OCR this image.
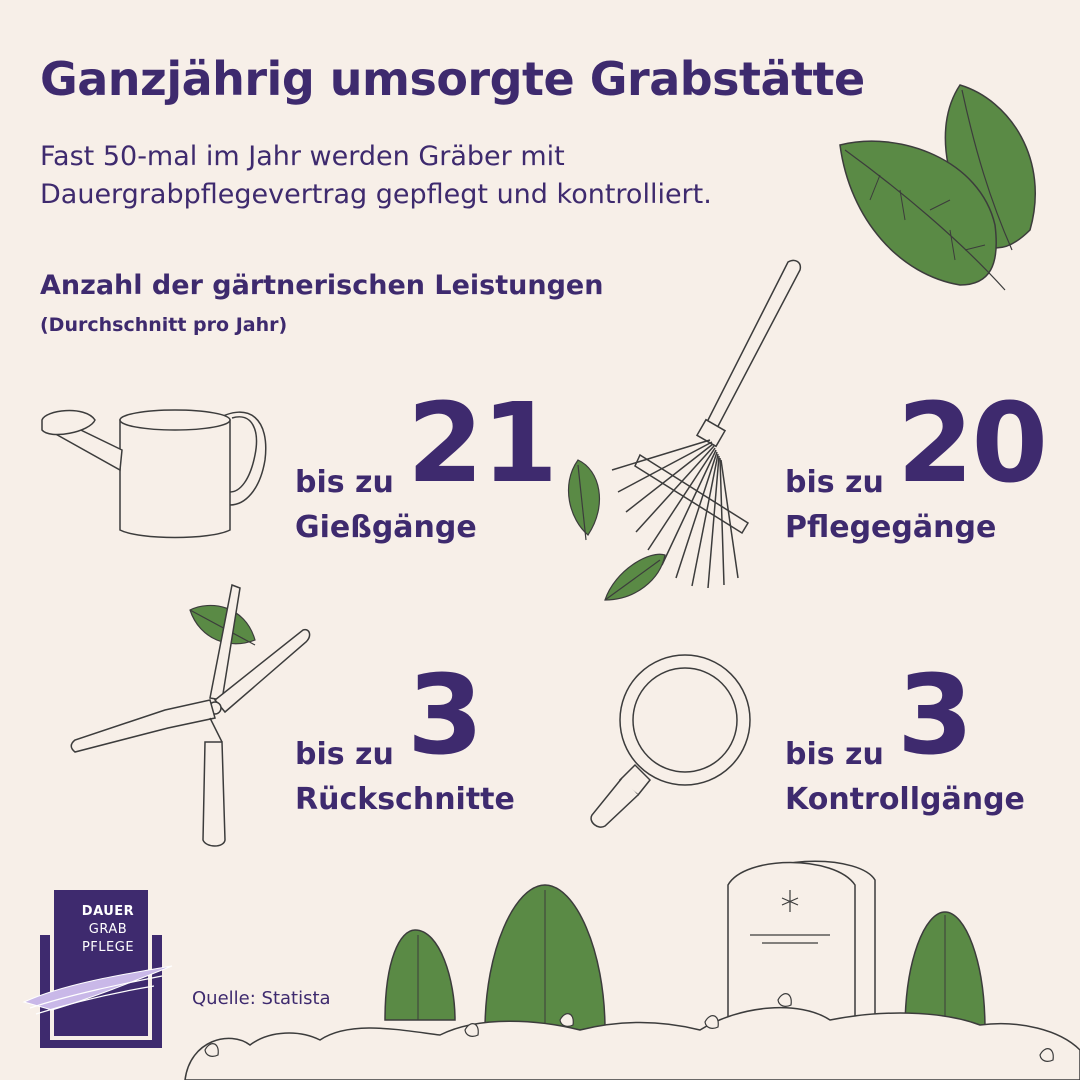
Ganzjährig umsorgte Grabstätte
Fast 50-mal im Jahr werden Gräber mit Dauergrabpflegevertrag gepflegt und kontrolliert.
Anzahl der gärtnerischen Leistungen
(Durchschnitt pro Jahr)
bis zu 21
Gießgänge
bis zu 20
Pflegegänge
bis zu 3
Rückschnitte
bis zu 3
Kontrollgänge
DAUER
GRAB
PFLEGE
Quelle: Statista
